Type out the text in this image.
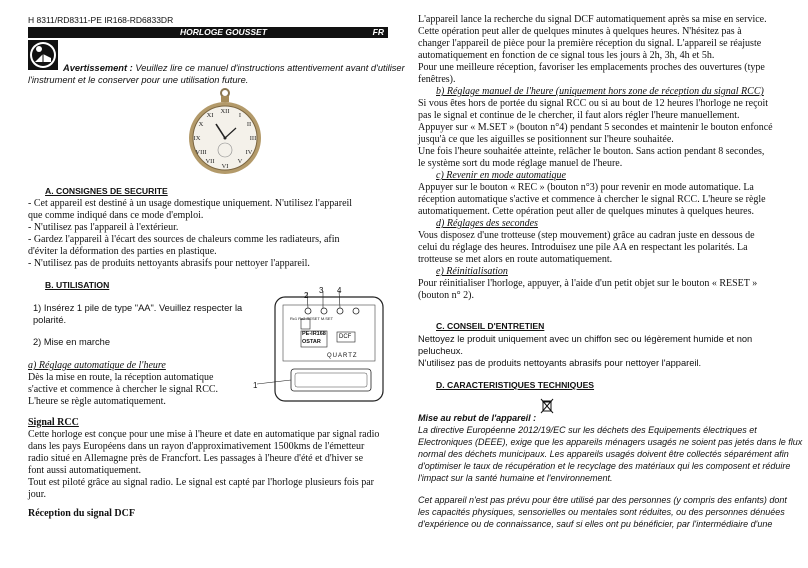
H 8311/RD8311-PE IR168-RD6833DR
HORLOGE GOUSSET	FR
Avertissement : Veuillez lire ce manuel d'instructions attentivement avant d'utiliser
l'instrument et le conserver pour une utilisation future.
XII
I
II
III
IV
V
VI
VII
VIII
IX
X
XI
A. CONSIGNES DE SECURITE
- Cet appareil est destiné à un usage domestique uniquement. N'utilisez l'appareil
que comme indiqué dans ce mode d'emploi.
- N'utilisez pas l'appareil à l'extérieur.
- Gardez l'appareil à l'écart des sources de chaleurs comme les radiateurs, afin
d'éviter la déformation des parties en plastique.
- N'utilisez pas de produits nettoyants abrasifs pour nettoyer l'appareil.
B. UTILISATION
1) Insérez 1 pile de type "AA". Veuillez respecter la
polarité.
2) Mise en marche
a) Réglage automatique de l'heure
Dès la mise en route, la réception automatique
s'active et commence à chercher le signal RCC.
L'heure se règle automatiquement.
2
3 4
1
Rc1 Rc2 RESET M.SET
PE-IR168
OSTAR
DCF
QUARTZ
Signal RCC
Cette horloge est conçue pour une mise à l'heure et date en automatique par signal radio
dans les pays Européens dans un rayon d'approximativement 1500kms de l'émetteur
radio situé en Allemagne près de Francfort. Les passages à l'heure d'été et d'hiver se
font aussi automatiquement.
Tout est piloté grâce au signal radio. Le signal est capté par l'horloge plusieurs fois par
jour.
Réception du signal DCF
L'appareil lance la recherche du signal DCF automatiquement après sa mise en service.
Cette opération peut aller de quelques minutes à quelques heures. N'hésitez pas à
changer l'appareil de pièce pour la première réception du signal. L'appareil se réajuste
automatiquement en fonction de ce signal tous les jours à 2h, 3h, 4h et 5h.
Pour une meilleure réception, favoriser les emplacements proches des ouvertures (type
fenêtres).
b) Réglage manuel de l'heure (uniquement hors zone de réception du signal RCC)
Si vous êtes hors de portée du signal RCC ou si au bout de 12 heures l'horloge ne reçoit
pas le signal et continue de le chercher, il faut alors régler l'heure manuellement.
Appuyer sur « M.SET » (bouton n°4) pendant 5 secondes et maintenir le bouton enfoncé
jusqu'à ce que les aiguilles se positionnent sur l'heure souhaitée.
Une fois l'heure souhaitée atteinte, relâcher le bouton. Sans action pendant 8 secondes,
le système sort du mode réglage manuel de l'heure.
c) Revenir en mode automatique
Appuyer sur le bouton « REC » (bouton n°3) pour revenir en mode automatique. La
réception automatique s'active et commence à chercher le signal RCC. L'heure se règle
automatiquement. Cette opération peut aller de quelques minutes à quelques heures.
d) Réglages des secondes
Vous disposez d'une trotteuse (step mouvement) grâce au cadran juste en dessous de
celui du réglage des heures. Introduisez une pile AA en respectant les polarités. La
trotteuse se met alors en route automatiquement.
e) Réinitialisation
Pour réinitialiser l'horloge, appuyer, à l'aide d'un petit objet sur le bouton « RESET »
(bouton n° 2).
C. CONSEIL D'ENTRETIEN
Nettoyez le produit uniquement avec un chiffon sec ou légèrement humide et non
pelucheux.
N'utilisez pas de produits nettoyants abrasifs pour nettoyer l'appareil.
D. CARACTERISTIQUES TECHNIQUES
Mise au rebut de l'appareil :
La directive Européenne 2012/19/EC sur les déchets des Equipements électriques et
Electroniques (DEEE), exige que les appareils ménagers usagés ne soient pas jetés dans le flux
normal des déchets municipaux. Les appareils usagés doivent être collectés séparément afin
d'optimiser le taux de récupération et le recyclage des matériaux qui les composent et réduire
l'impact sur la santé humaine et l'environnement.
Cet appareil n'est pas prévu pour être utilisé par des personnes (y compris des enfants) dont
les capacités physiques, sensorielles ou mentales sont réduites, ou des personnes dénuées
d'expérience ou de connaissance, sauf si elles ont pu bénéficier, par l'intermédiaire d'une
